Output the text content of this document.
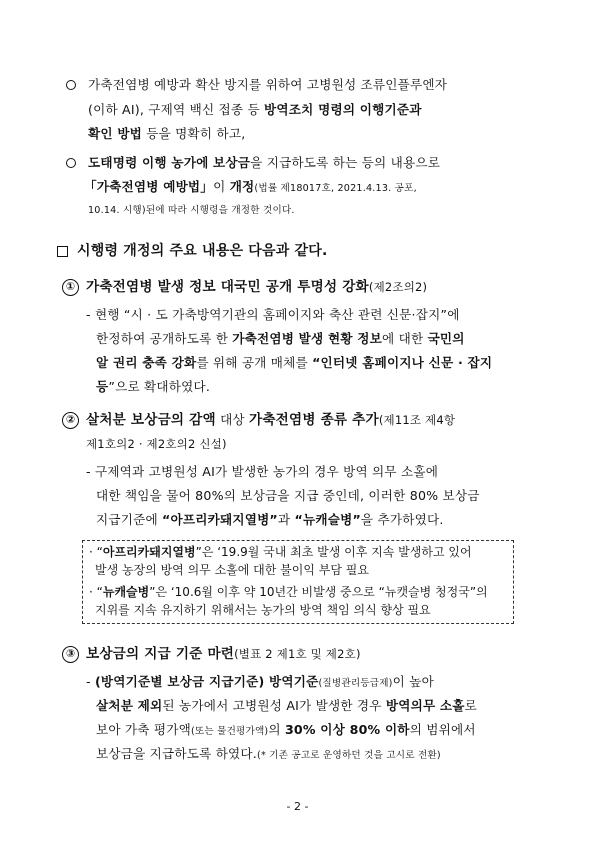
가축전염병 예방과 확산 방지를 위하여 고병원성 조류인플루엔자
(이하 AI), 구제역 백신 접종 등 방역조치 명령의 이행기준과
확인 방법 등을 명확히 하고,
도태명령 이행 농가에 보상금을 지급하도록 하는 등의 내용으로
「가축전염병 예방법」이 개정(법률 제18017호, 2021.4.13. 공포,
10.14. 시행)된에 따라 시행령을 개정한 것이다.
시행령 개정의 주요 내용은 다음과 같다.
① 가축전염병 발생 정보 대국민 공개 투명성 강화(제2조의2)
- 현행 “시 · 도 가축방역기관의 홈페이지와 축산 관련 신문·잡지”에
한정하여 공개하도록 한 가축전염병 발생 현황 정보에 대한 국민의
알 권리 충족 강화를 위해 공개 매체를 “인터넷 홈페이지나 신문 · 잡지
등”으로 확대하였다.
② 살처분 보상금의 감액 대상 가축전염병 종류 추가(제11조 제4항
제1호의2 · 제2호의2 신설)
- 구제역과 고병원성 AI가 발생한 농가의 경우 방역 의무 소홀에
대한 책임을 물어 80%의 보상금을 지급 중인데, 이러한 80% 보상금
지급기준에 “아프리카돼지열병”과 “뉴캐슬병”을 추가하였다.
· “아프리카돼지열병”은 ‘19.9월 국내 최초 발생 이후 지속 발생하고 있어
발생 농장의 방역 의무 소홀에 대한 불이익 부담 필요
· “뉴캐슬병”은 ‘10.6월 이후 약 10년간 비발생 중으로 “뉴캣슬병 청정국”의
지위를 지속 유지하기 위해서는 농가의 방역 책임 의식 향상 필요
③ 보상금의 지급 기준 마련(별표 2 제1호 및 제2호)
- (방역기준별 보상금 지급기준) 방역기준(질병관리등급제)이 높아
살처분 제외된 농가에서 고병원성 AI가 발생한 경우 방역의무 소홀로
보아 가축 평가액(또는 물건평가액)의 30% 이상 80% 이하의 범위에서
보상금을 지급하도록 하였다.(* 기존 공고로 운영하던 것을 고시로 전환)
- 2 -
